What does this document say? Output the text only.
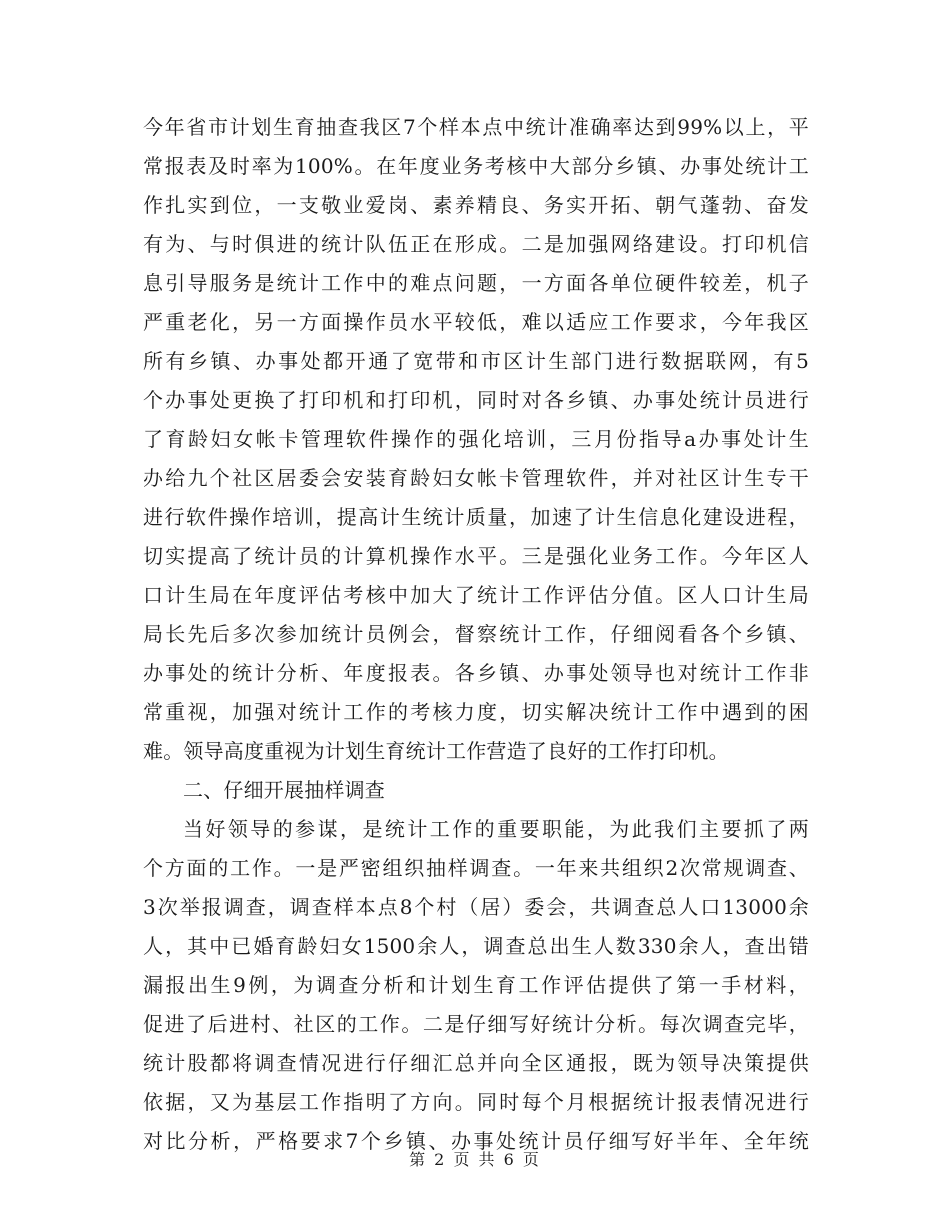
今年省市计划生育抽查我区7个样本点中统计准确率达到99%以上，平
常报表及时率为100%。在年度业务考核中大部分乡镇、办事处统计工
作扎实到位，一支敬业爱岗、素养精良、务实开拓、朝气蓬勃、奋发
有为、与时俱进的统计队伍正在形成。二是加强网络建设。打印机信
息引导服务是统计工作中的难点问题，一方面各单位硬件较差，机子
严重老化，另一方面操作员水平较低，难以适应工作要求，今年我区
所有乡镇、办事处都开通了宽带和市区计生部门进行数据联网，有5
个办事处更换了打印机和打印机，同时对各乡镇、办事处统计员进行
了育龄妇女帐卡管理软件操作的强化培训，三月份指导a办事处计生
办给九个社区居委会安装育龄妇女帐卡管理软件，并对社区计生专干
进行软件操作培训，提高计生统计质量，加速了计生信息化建设进程，
切实提高了统计员的计算机操作水平。三是强化业务工作。今年区人
口计生局在年度评估考核中加大了统计工作评估分值。区人口计生局
局长先后多次参加统计员例会，督察统计工作，仔细阅看各个乡镇、
办事处的统计分析、年度报表。各乡镇、办事处领导也对统计工作非
常重视，加强对统计工作的考核力度，切实解决统计工作中遇到的困
难。领导高度重视为计划生育统计工作营造了良好的工作打印机。
二、仔细开展抽样调查
当好领导的参谋，是统计工作的重要职能，为此我们主要抓了两
个方面的工作。一是严密组织抽样调查。一年来共组织2次常规调查、
3次举报调查，调查样本点8个村（居）委会，共调查总人口13000余
人，其中已婚育龄妇女1500余人，调查总出生人数330余人，查出错
漏报出生9例，为调查分析和计划生育工作评估提供了第一手材料，
促进了后进村、社区的工作。二是仔细写好统计分析。每次调查完毕，
统计股都将调查情况进行仔细汇总并向全区通报，既为领导决策提供
依据，又为基层工作指明了方向。同时每个月根据统计报表情况进行
对比分析，严格要求7个乡镇、办事处统计员仔细写好半年、全年统
第 2 页 共 6 页
